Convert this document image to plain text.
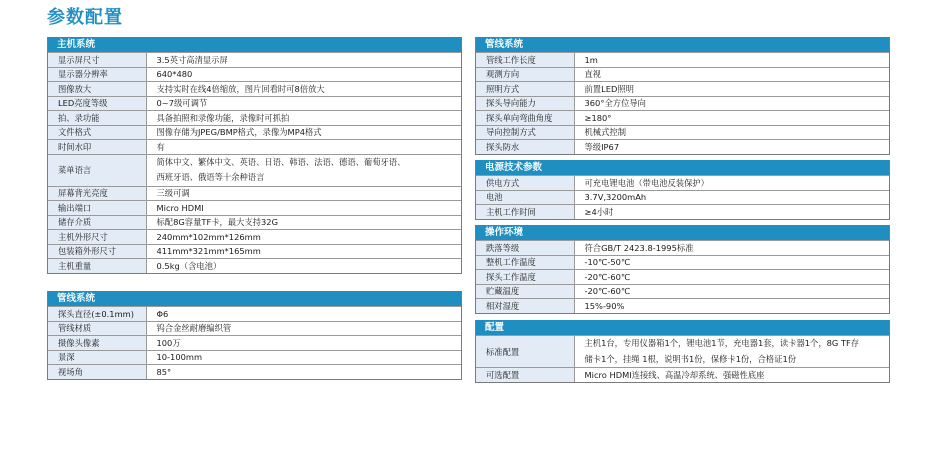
参数配置
主机系统
显示屏尺寸	3.5英寸高清显示屏
显示器分辨率	640*480
图像放大	支持实时在线4倍缩放，图片回看时可8倍放大
LED亮度等级	0~7级可调节
拍、录功能	具备拍照和录像功能，录像时可抓拍
文件格式	图像存储为JPEG/BMP格式，录像为MP4格式
时间水印	有
菜单语言	简体中文、繁体中文、英语、日语、韩语、法语、德语、葡萄牙语、
西班牙语、俄语等十余种语言

屏幕背光亮度	三级可调
输出端口	Micro HDMI
储存介质	标配8G容量TF卡，最大支持32G
主机外形尺寸	240mm*102mm*126mm
包装箱外形尺寸	411mm*321mm*165mm
主机重量	0.5kg（含电池）
管线系统
探头直径(±0.1mm)	Φ6
管线材质	钨合金丝耐磨编织管
摄像头像素	100万
景深	10-100mm
视场角	85°
管线系统
管线工作长度	1m
观测方向	直视
照明方式	前置LED照明
探头导向能力	360°全方位导向
探头单向弯曲角度	≥180°
导向控制方式	机械式控制
探头防水	等级IP67
电源技术参数
供电方式	可充电锂电池（带电池反装保护）
电池	3.7V,3200mAh
主机工作时间	≥4小时
操作环境
跌落等级	符合GB/T 2423.8-1995标准
整机工作温度	-10℃-50℃
探头工作温度	-20℃-60℃
贮藏温度	-20℃-60℃
相对湿度	15%-90%
配置
标准配置	主机1台，专用仪器箱1个，锂电池1节，充电器1套，读卡器1个，8G TF存
储卡1个，挂绳 1根，说明书1份，保修卡1份，合格证1份

可选配置	Micro HDMI连接线、高温冷却系统、强磁性底座
